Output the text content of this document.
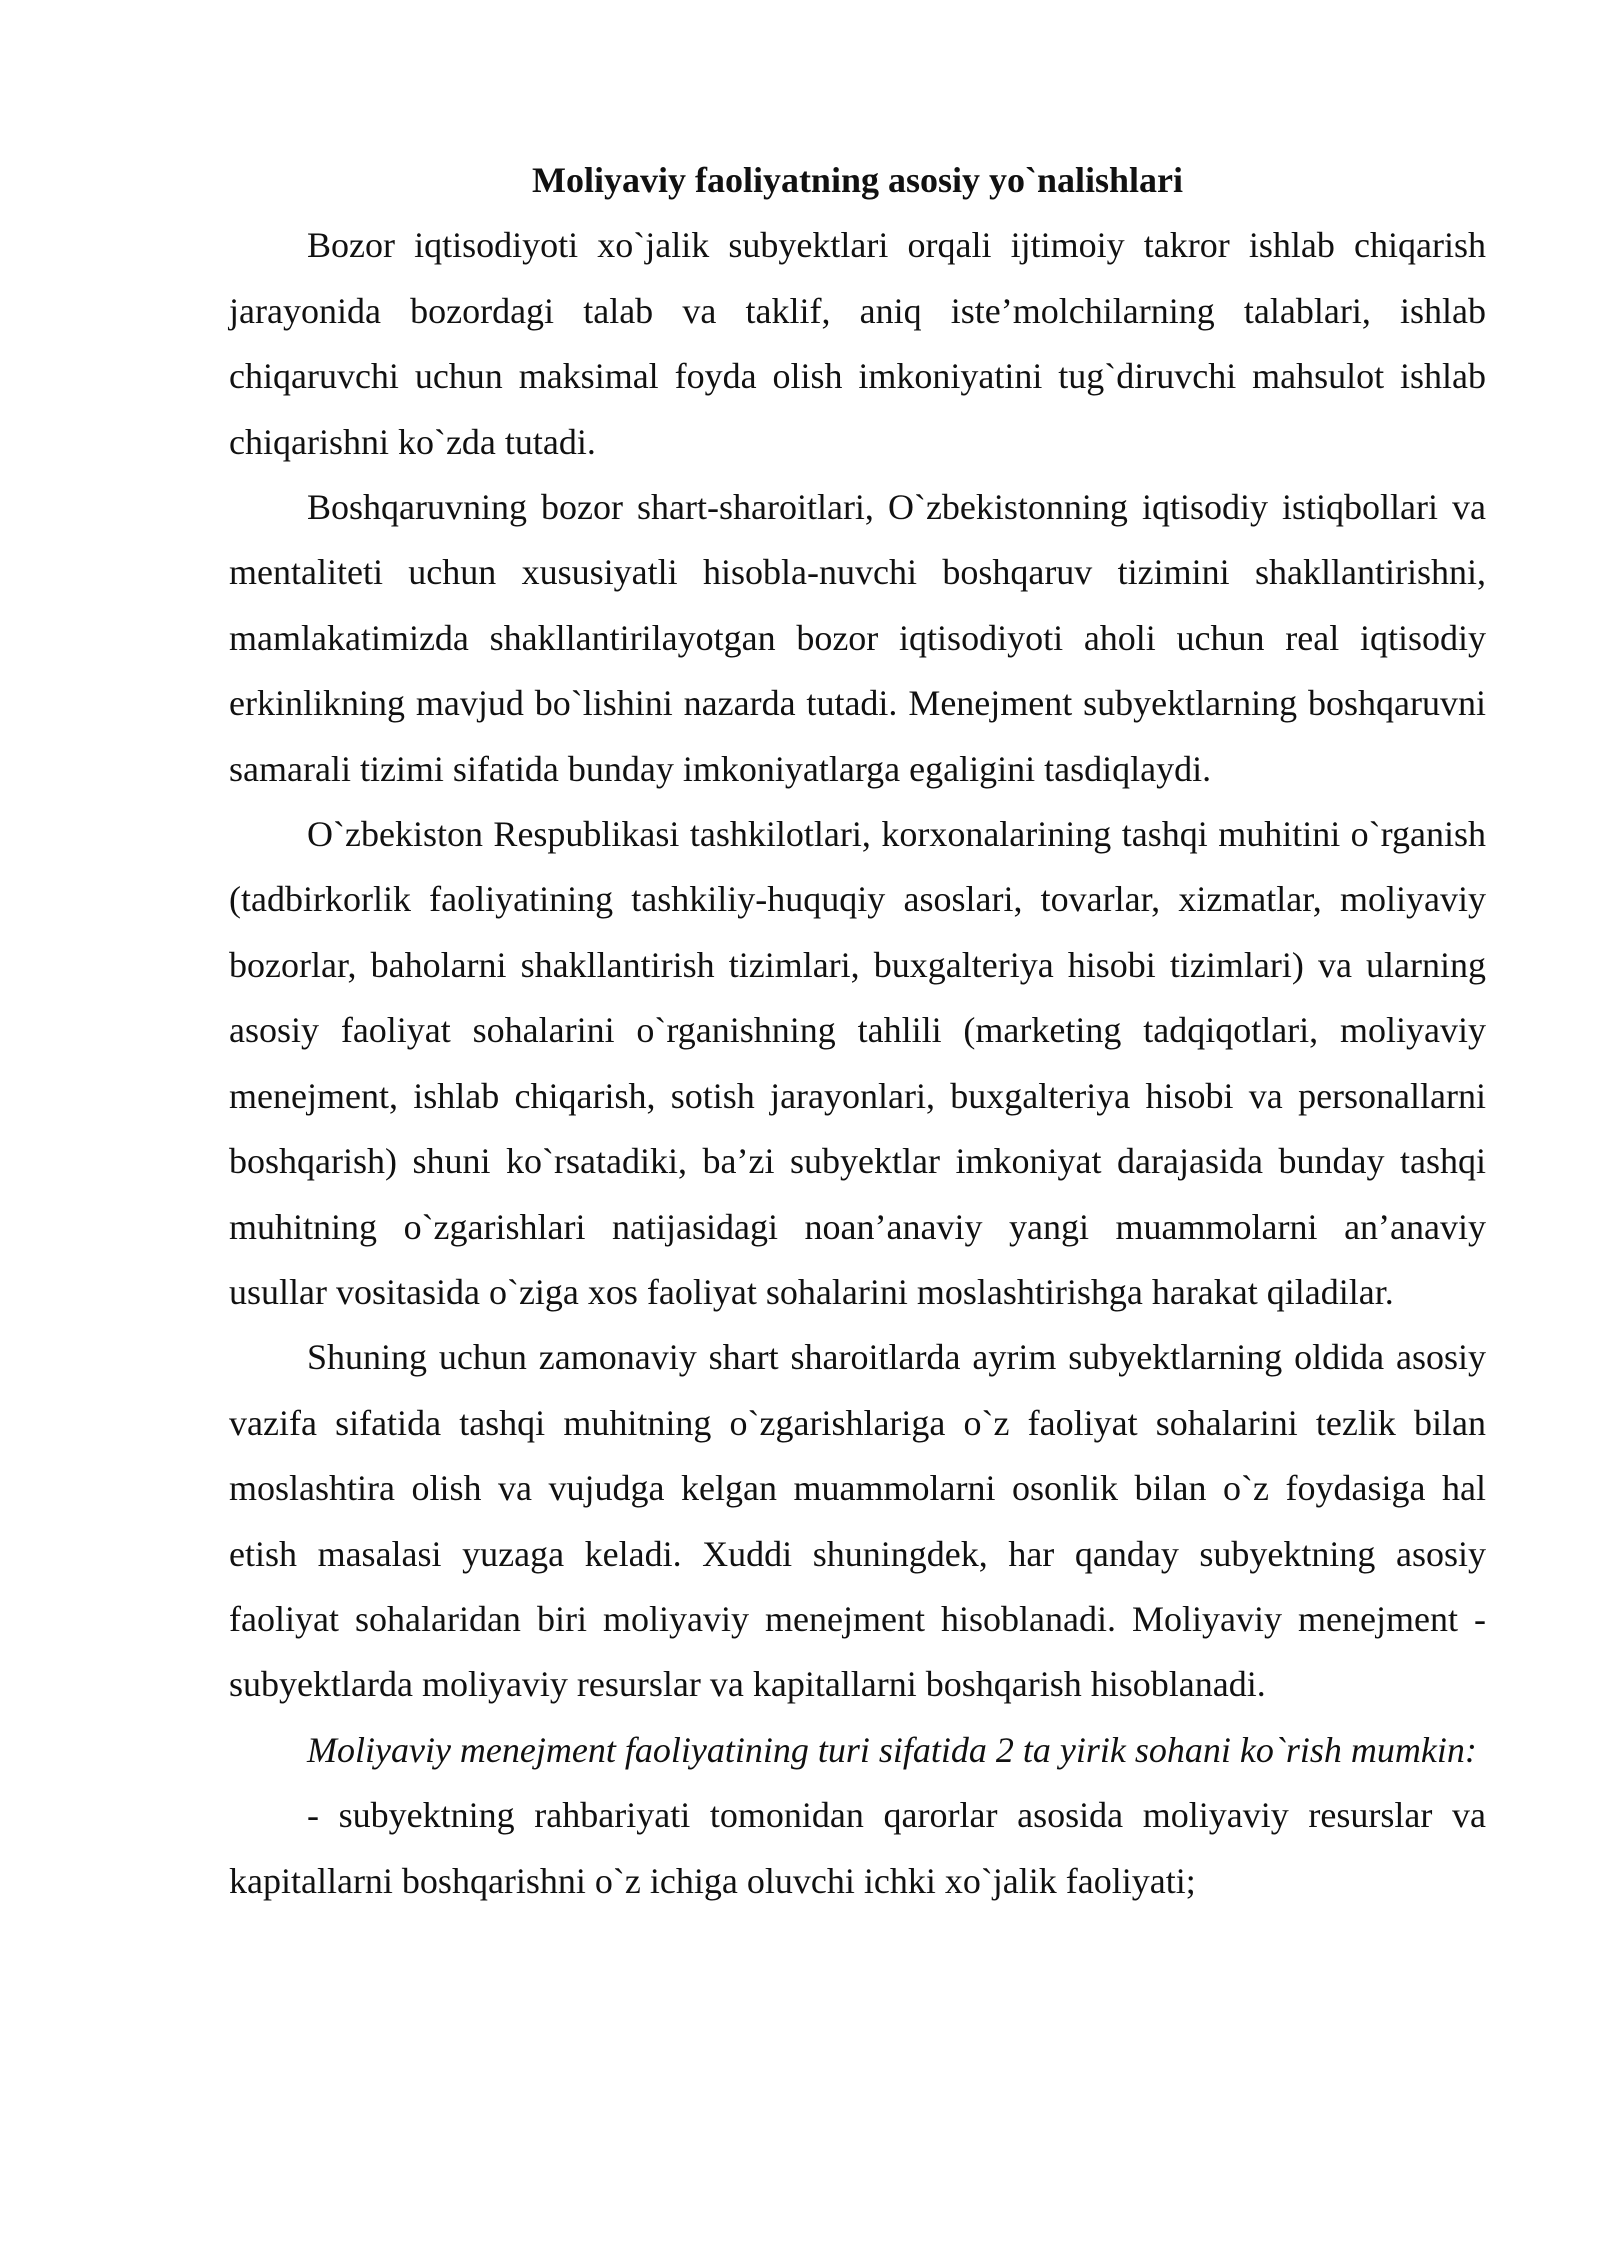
Moliyaviy faoliyatning asosiy yo`nalishlari

Bozor iqtisodiyoti xo`jalik subyektlari orqali ijtimoiy takror ishlab chiqarish jarayonida bozordagi talab va taklif, aniq iste’molchilarning talablari, ishlab chiqaruvchi uchun maksimal foyda olish imkoniyatini tug`diruvchi mahsulot ishlab chiqarishni ko`zda tutadi.

Boshqaruvning bozor shart-sharoitlari, O`zbekistonning iqtisodiy istiqbollari va mentaliteti uchun xususiyatli hisobla-nuvchi boshqaruv tizimini shakllantirishni, mamlakatimizda shakllantirilayotgan bozor iqtisodiyoti aholi uchun real iqtisodiy erkinlikning mavjud bo`lishini nazarda tutadi. Menejment subyektlarning boshqaruvni samarali tizimi sifatida bunday imkoniyatlarga egaligini tasdiqlaydi.

O`zbekiston Respublikasi tashkilotlari, korxonalarining tashqi muhitini o`rganish (tadbirkorlik faoliyatining tashkiliy-huquqiy asoslari, tovarlar, xizmatlar, moliyaviy bozorlar, baholarni shakllantirish tizimlari, buxgalteriya hisobi tizimlari) va ularning asosiy faoliyat sohalarini o`rganishning tahlili (marketing tadqiqotlari, moliyaviy menejment, ishlab chiqarish, sotish jarayonlari, buxgalteriya hisobi va personallarni boshqarish) shuni ko`rsatadiki, ba’zi subyektlar imkoniyat darajasida bunday tashqi muhitning o`zgarishlari natijasidagi noan’anaviy yangi muammolarni an’anaviy usullar vositasida o`ziga xos faoliyat sohalarini moslashtirishga harakat qiladilar.

Shuning uchun zamonaviy shart sharoitlarda ayrim subyektlarning oldida asosiy vazifa sifatida tashqi muhitning o`zgarishlariga o`z faoliyat sohalarini tezlik bilan moslashtira olish va vujudga kelgan muammolarni osonlik bilan o`z foydasiga hal etish masalasi yuzaga keladi. Xuddi shuningdek, har qanday subyektning asosiy faoliyat sohalaridan biri moliyaviy menejment hisoblanadi. Moliyaviy menejment - subyektlarda moliyaviy resurslar va kapitallarni boshqarish hisoblanadi.

Moliyaviy menejment faoliyatining turi sifatida 2 ta yirik sohani ko`rish mumkin:

- subyektning rahbariyati tomonidan qarorlar asosida moliyaviy resurslar va kapitallarni boshqarishni o`z ichiga oluvchi ichki xo`jalik faoliyati;
